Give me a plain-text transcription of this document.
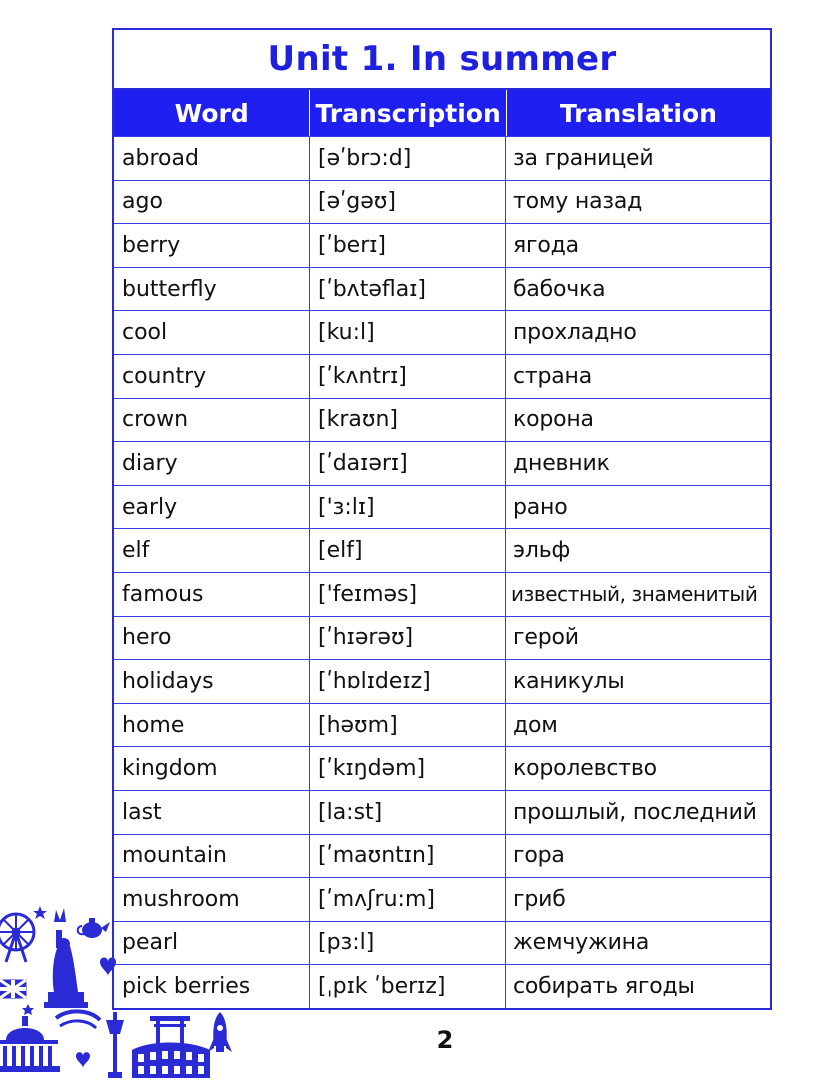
Unit 1. In summer
Word	Transcription	Translation
abroad	[əʹbrɔ:d]	за границей
ago	[əʹgəʊ]	тому назад
berry	[ʹberɪ]	ягода
butterfly	[ʹbʌtəflaɪ]	бабочка
cool	[ku:l]	прохладно
country	[ʹkʌntrɪ]	страна
crown	[kraʊn]	корона
diary	[ʹdaɪərɪ]	дневник
early	['ɜ:lɪ]	рано
elf	[elf]	эльф
famous	['feɪməs]	известный, знаменитый
hero	[ʹhɪərəʊ]	герой
holidays	[ʹhɒlɪdeɪz]	каникулы
home	[həʊm]	дом
kingdom	[ʹkɪŋdəm]	королевство
last	[la:st]	прошлый, последний
mountain	[ʹmaʊntɪn]	гора
mushroom	[ʹmʌʃru:m]	гриб
pearl	[pɜ:l]	жемчужина
pick berries	[ˌpɪk ʹberɪz]	собирать ягоды
2
